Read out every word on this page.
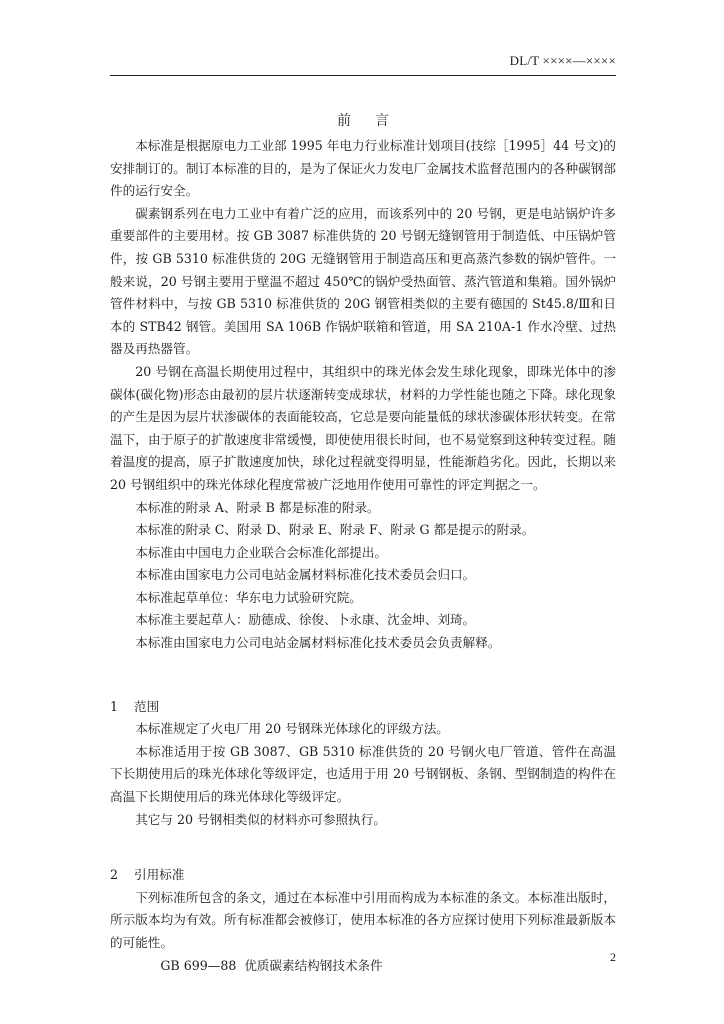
DL/T ××××—××××
前言

本标准是根据原电力工业部 1995 年电力行业标准计划项目(技综［1995］44 号文)的安排制订的。制订本标准的目的，是为了保证火力发电厂金属技术监督范围内的各种碳钢部件的运行安全。

碳素钢系列在电力工业中有着广泛的应用，而该系列中的 20 号钢，更是电站锅炉许多重要部件的主要用材。按 GB 3087 标准供货的 20 号钢无缝钢管用于制造低、中压锅炉管件，按 GB 5310 标准供货的 20G 无缝钢管用于制造高压和更高蒸汽参数的锅炉管件。一般来说，20 号钢主要用于壁温不超过 450℃的锅炉受热面管、蒸汽管道和集箱。国外锅炉管件材料中，与按 GB 5310 标准供货的 20G 钢管相类似的主要有德国的 St45.8/Ⅲ和日本的 STB42 钢管。美国用 SA 106B 作锅炉联箱和管道，用 SA 210A-1 作水冷壁、过热器及再热器管。

20 号钢在高温长期使用过程中，其组织中的珠光体会发生球化现象，即珠光体中的渗碳体(碳化物)形态由最初的层片状逐渐转变成球状，材料的力学性能也随之下降。球化现象的产生是因为层片状渗碳体的表面能较高，它总是要向能量低的球状渗碳体形状转变。在常温下，由于原子的扩散速度非常缓慢，即使使用很长时间，也不易觉察到这种转变过程。随着温度的提高，原子扩散速度加快，球化过程就变得明显，性能渐趋劣化。因此，长期以来 20 号钢组织中的珠光体球化程度常被广泛地用作使用可靠性的评定判据之一。

本标准的附录 A、附录 B 都是标准的附录。

本标准的附录 C、附录 D、附录 E、附录 F、附录 G 都是提示的附录。

本标准由中国电力企业联合会标准化部提出。

本标准由国家电力公司电站金属材料标准化技术委员会归口。

本标准起草单位：华东电力试验研究院。

本标准主要起草人：励德成、徐俊、卜永康、沈金坤、刘琦。

本标准由国家电力公司电站金属材料标准化技术委员会负责解释。

1 范围

本标准规定了火电厂用 20 号钢珠光体球化的评级方法。

本标准适用于按 GB 3087、GB 5310 标准供货的 20 号钢火电厂管道、管件在高温下长期使用后的珠光体球化等级评定，也适用于用 20 号钢钢板、条钢、型钢制造的构件在高温下长期使用后的珠光体球化等级评定。

其它与 20 号钢相类似的材料亦可参照执行。

2 引用标准

下列标准所包含的条文，通过在本标准中引用而构成为本标准的条文。本标准出版时，所示版本均为有效。所有标准都会被修订，使用本标准的各方应探讨使用下列标准最新版本的可能性。

GB 699—88 优质碳素结构钢技术条件
2
